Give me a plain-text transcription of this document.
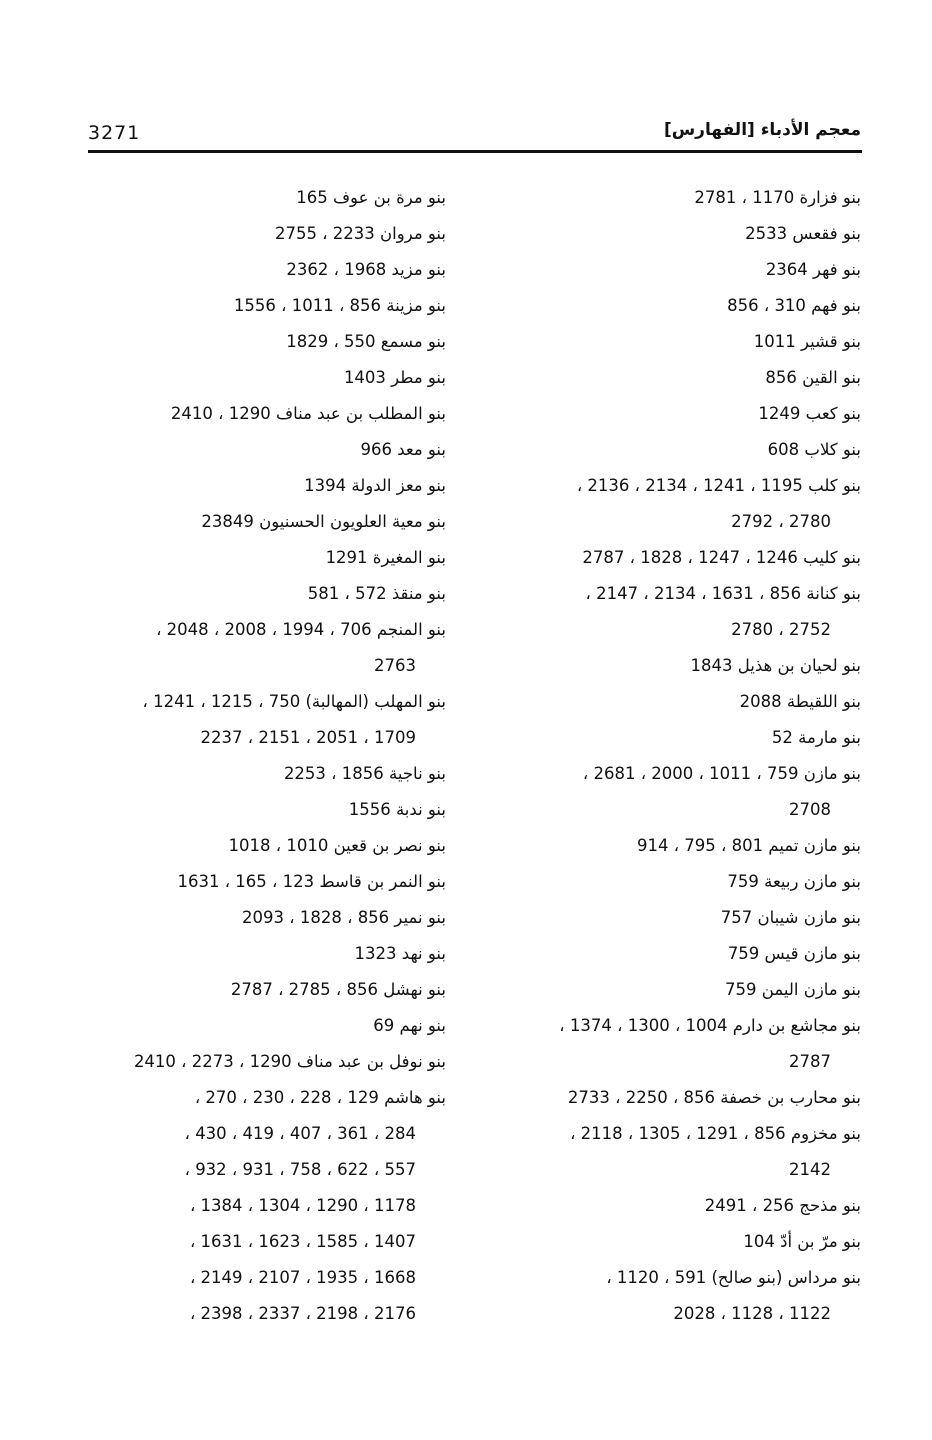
3271	معجم الأدباء [الفهارس]
بنو فزارة 1170 ، 2781
بنو فقعس 2533
بنو فهر 2364
بنو فهم 310 ، 856
بنو قشير 1011
بنو القين 856
بنو كعب 1249
بنو كلاب 608
بنو كلب 1195 ، 1241 ، 2134 ، 2136 ،
2780 ، 2792
بنو كليب 1246 ، 1247 ، 1828 ، 2787
بنو كنانة 856 ، 1631 ، 2134 ، 2147 ،
2752 ، 2780
بنو لحيان بن هذيل 1843
بنو اللقيطة 2088
بنو مارمة 52
بنو مازن 759 ، 1011 ، 2000 ، 2681 ،
2708
بنو مازن تميم 801 ، 795 ، 914
بنو مازن ربيعة 759
بنو مازن شيبان 757
بنو مازن قيس 759
بنو مازن اليمن 759
بنو مجاشع بن دارم 1004 ، 1300 ، 1374 ،
2787
بنو محارب بن خصفة 856 ، 2250 ، 2733
بنو مخزوم 856 ، 1291 ، 1305 ، 2118 ،
2142
بنو مذحج 256 ، 2491
بنو مرّ بن أدّ 104
بنو مرداس (بنو صالح) 591 ، 1120 ،
1122 ، 1128 ، 2028
بنو مرة بن عوف 165
بنو مروان 2233 ، 2755
بنو مزيد 1968 ، 2362
بنو مزينة 856 ، 1011 ، 1556
بنو مسمع 550 ، 1829
بنو مطر 1403
بنو المطلب بن عبد مناف 1290 ، 2410
بنو معد 966
بنو معز الدولة 1394
بنو معية العلويون الحسنيون 23849
بنو المغيرة 1291
بنو منقذ 572 ، 581
بنو المنجم 706 ، 1994 ، 2008 ، 2048 ،
2763
بنو المهلب (المهالبة) 750 ، 1215 ، 1241 ،
1709 ، 2051 ، 2151 ، 2237
بنو ناجية 1856 ، 2253
بنو ندبة 1556
بنو نصر بن قعين 1010 ، 1018
بنو النمر بن قاسط 123 ، 165 ، 1631
بنو نمير 856 ، 1828 ، 2093
بنو نهد 1323
بنو نهشل 856 ، 2785 ، 2787
بنو نهم 69
بنو نوفل بن عبد مناف 1290 ، 2273 ، 2410
بنو هاشم 129 ، 228 ، 230 ، 270 ،
284 ، 361 ، 407 ، 419 ، 430 ،
557 ، 622 ، 758 ، 931 ، 932 ،
1178 ، 1290 ، 1304 ، 1384 ،
1407 ، 1585 ، 1623 ، 1631 ،
1668 ، 1935 ، 2107 ، 2149 ،
2176 ، 2198 ، 2337 ، 2398 ،
